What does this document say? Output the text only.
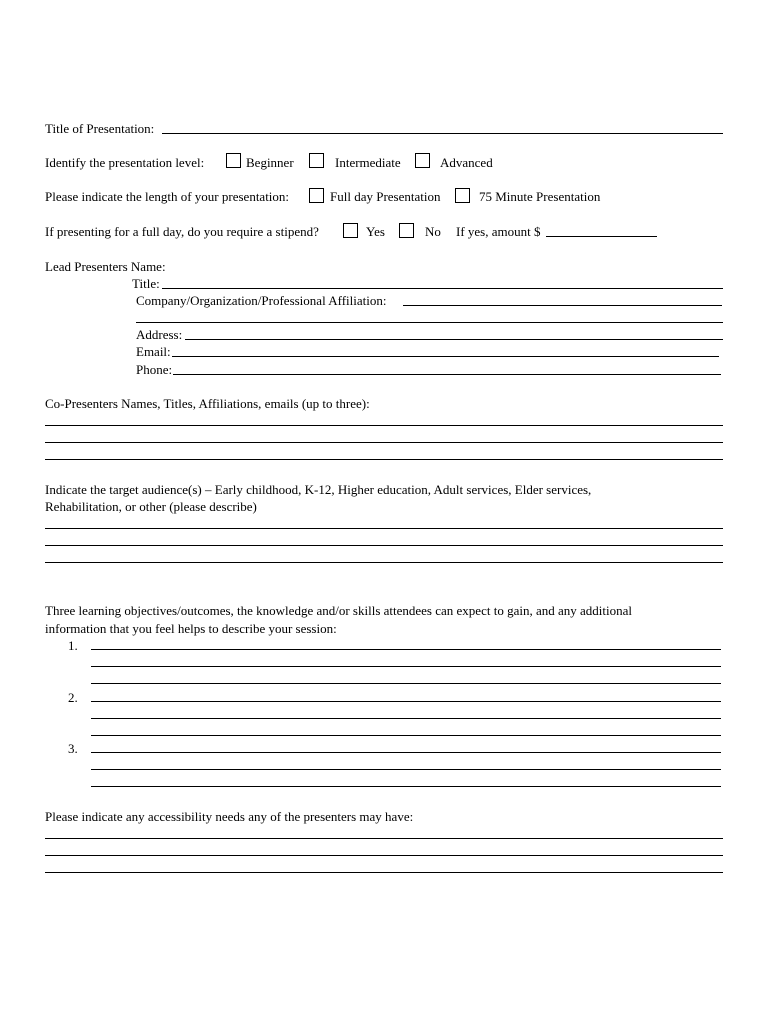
Title of Presentation:
Identify the presentation level:	Beginner	Intermediate	Advanced
Please indicate the length of your presentation:	Full day Presentation	75 Minute Presentation
If presenting for a full day, do you require a stipend?	Yes	No If yes, amount $
Lead Presenters Name:
Title:
Company/Organization/Professional Affiliation:
Address:
Email:
Phone:
Co-Presenters Names, Titles, Affiliations, emails (up to three):
Indicate the target audience(s) – Early childhood, K-12, Higher education, Adult services, Elder services,
Rehabilitation, or other (please describe)
Three learning objectives/outcomes, the knowledge and/or skills attendees can expect to gain, and any additional
information that you feel helps to describe your session:
1.
2.
3.
Please indicate any accessibility needs any of the presenters may have:
